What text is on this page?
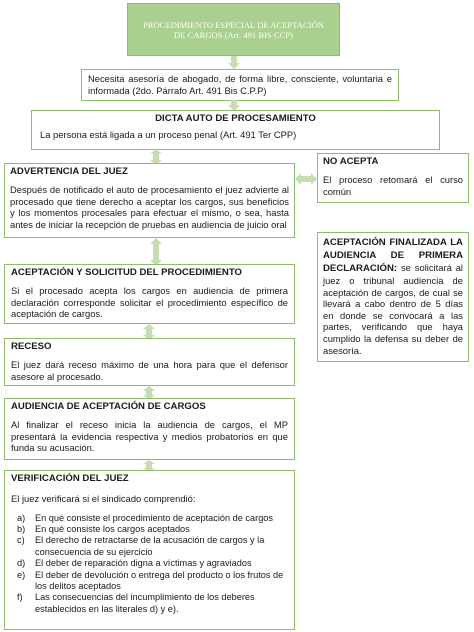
PROCEDIMIENTO ESPECIAL DE ACEPTACIÓN DE CARGOS (Art. 491 BIS CCP)
Necesita asesoría de abogado, de forma libre, consciente, voluntaria e informada (2do. Párrafo Art. 491 Bis C.P.P)
DICTA AUTO DE PROCESAMIENTO
La persona está ligada a un proceso penal (Art. 491 Ter CPP)
ADVERTENCIA DEL JUEZ
Después de notificado el auto de procesamiento el juez advierte al procesado que tiene derecho a aceptar los cargos, sus beneficios y los momentos procesales para efectuar el mismo, o sea, hasta antes de iniciar la recepción de pruebas en audiencia de juicio oral
NO ACEPTA
El proceso retomará el curso común
ACEPTACIÓN FINALIZADA LA AUDIENCIA DE PRIMERA DECLARACIÓN: se solicitará al juez o tribunal audiencia de aceptación de cargos, de cual se llevará a cabo dentro de 5 días en donde se convocará a las partes, verificando que haya cumplido la defensa su deber de asesoría.
ACEPTACIÓN Y SOLICITUD DEL PROCEDIMIENTO
Si el procesado acepta los cargos en audiencia de primera declaración corresponde solicitar el procedimiento específico de aceptación de cargos.
RECESO
El juez dará receso máximo de una hora para que el defensor asesore al procesado.
AUDIENCIA DE ACEPTACIÓN DE CARGOS
Al finalizar el receso inicia la audiencia de cargos, el MP presentará la evidencia respectiva y medios probatorios en que funda su acusación.
VERIFICACIÓN DEL JUEZ
El juez verificará si el sindicado comprendió:
a) En qué consiste el procedimiento de aceptación de cargos
b) En qué consiste los cargos aceptados
c) El derecho de retractarse de la acusación de cargos y la consecuencia de su ejercicio
d) El deber de reparación digna a víctimas y agraviados
e) El deber de devolución o entrega del producto o los frutos de los delitos aceptados
f) Las consecuencias del incumplimiento de los deberes establecidos en las literales d) y e).
